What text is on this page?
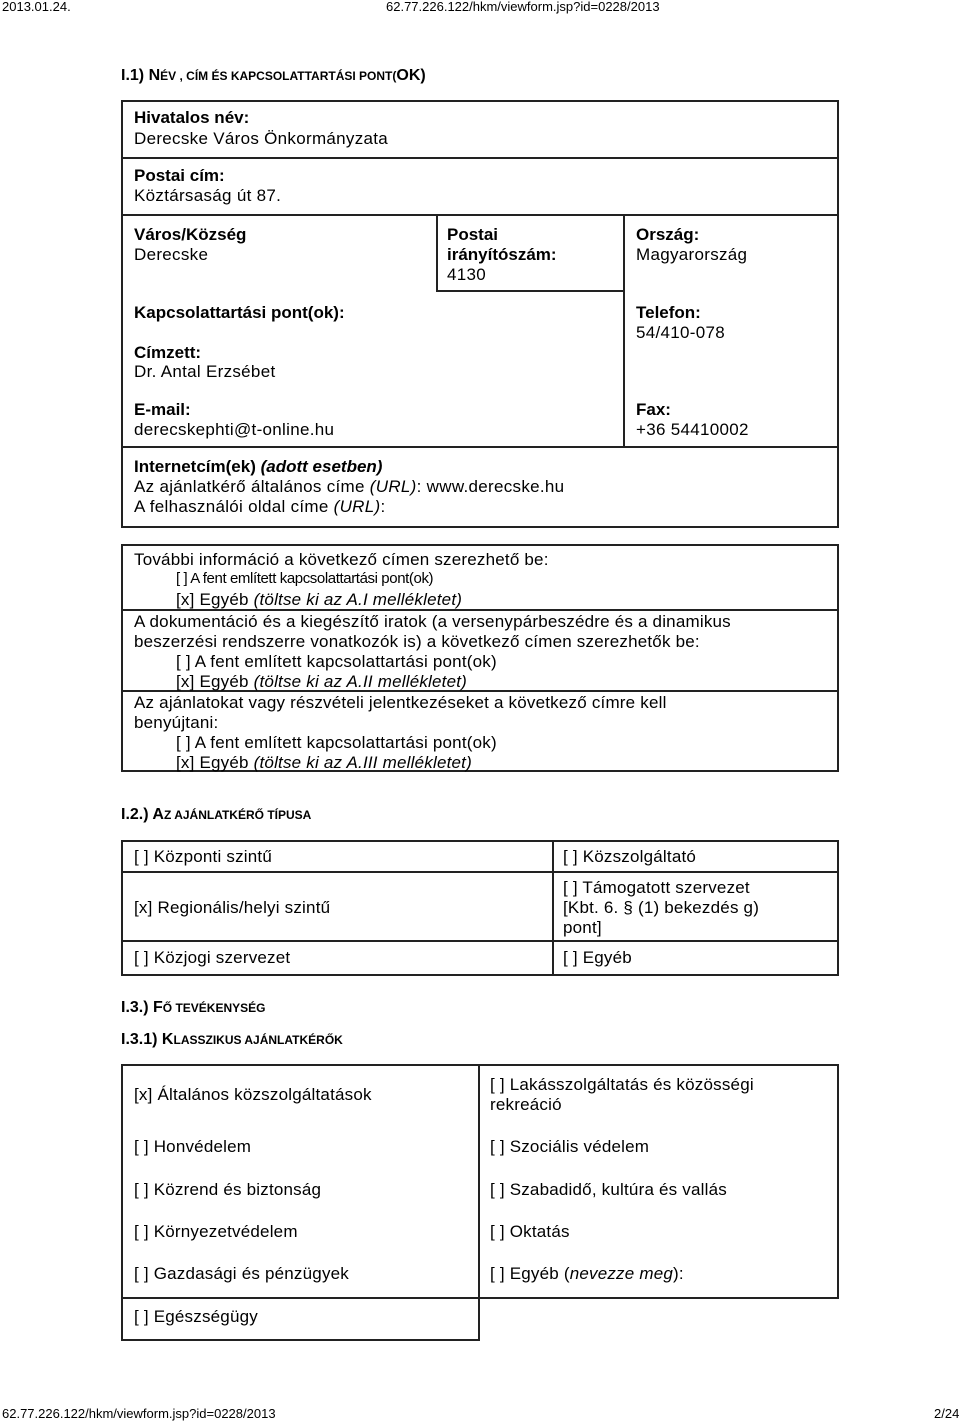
2013.01.24.	62.77.226.122/hkm/viewform.jsp?id=0228/2013
I.1) NÉV , CÍM ÉS KAPCSOLATTARTÁSI PONT(OK)
Hivatalos név:
Derecske Város Önkormányzata
Postai cím:
Köztársaság út 87.
Város/Község
Derecske
Postai
irányítószám:
4130
Ország:
Magyarország
Kapcsolattartási pont(ok):
Címzett:
Dr. Antal Erzsébet
Telefon:
54/410-078
E-mail:
derecskephti@t-online.hu
Fax:
+36 54410002
Internetcím(ek) (adott esetben)
Az ajánlatkérő általános címe (URL): www.derecske.hu
A felhasználói oldal címe (URL):
További információ a következő címen szerezhető be:
[ ] A fent említett kapcsolattartási pont(ok)
[x] Egyéb (töltse ki az A.I mellékletet)
A dokumentáció és a kiegészítő iratok (a versenypárbeszédre és a dinamikus
beszerzési rendszerre vonatkozók is) a következő címen szerezhetők be:
[ ] A fent említett kapcsolattartási pont(ok)
[x] Egyéb (töltse ki az A.II mellékletet)
Az ajánlatokat vagy részvételi jelentkezéseket a következő címre kell
benyújtani:
[ ] A fent említett kapcsolattartási pont(ok)
[x] Egyéb (töltse ki az A.III mellékletet)
I.2.) AZ AJÁNLATKÉRŐ TÍPUSA
[ ] Központi szintű
[x] Regionális/helyi szintű
[ ] Közjogi szervezet
[ ] Közszolgáltató
[ ] Támogatott szervezet
[Kbt. 6. § (1) bekezdés g)
pont]
[ ] Egyéb
I.3.) FŐ TEVÉKENYSÉG
I.3.1) KLASSZIKUS AJÁNLATKÉRŐK
[x] Általános közszolgáltatások
[ ] Honvédelem
[ ] Közrend és biztonság
[ ] Környezetvédelem
[ ] Gazdasági és pénzügyek
[ ] Egészségügy
[ ] Lakásszolgáltatás és közösségi
rekreáció
[ ] Szociális védelem
[ ] Szabadidő, kultúra és vallás
[ ] Oktatás
[ ] Egyéb (nevezze meg):
62.77.226.122/hkm/viewform.jsp?id=0228/2013	2/24
